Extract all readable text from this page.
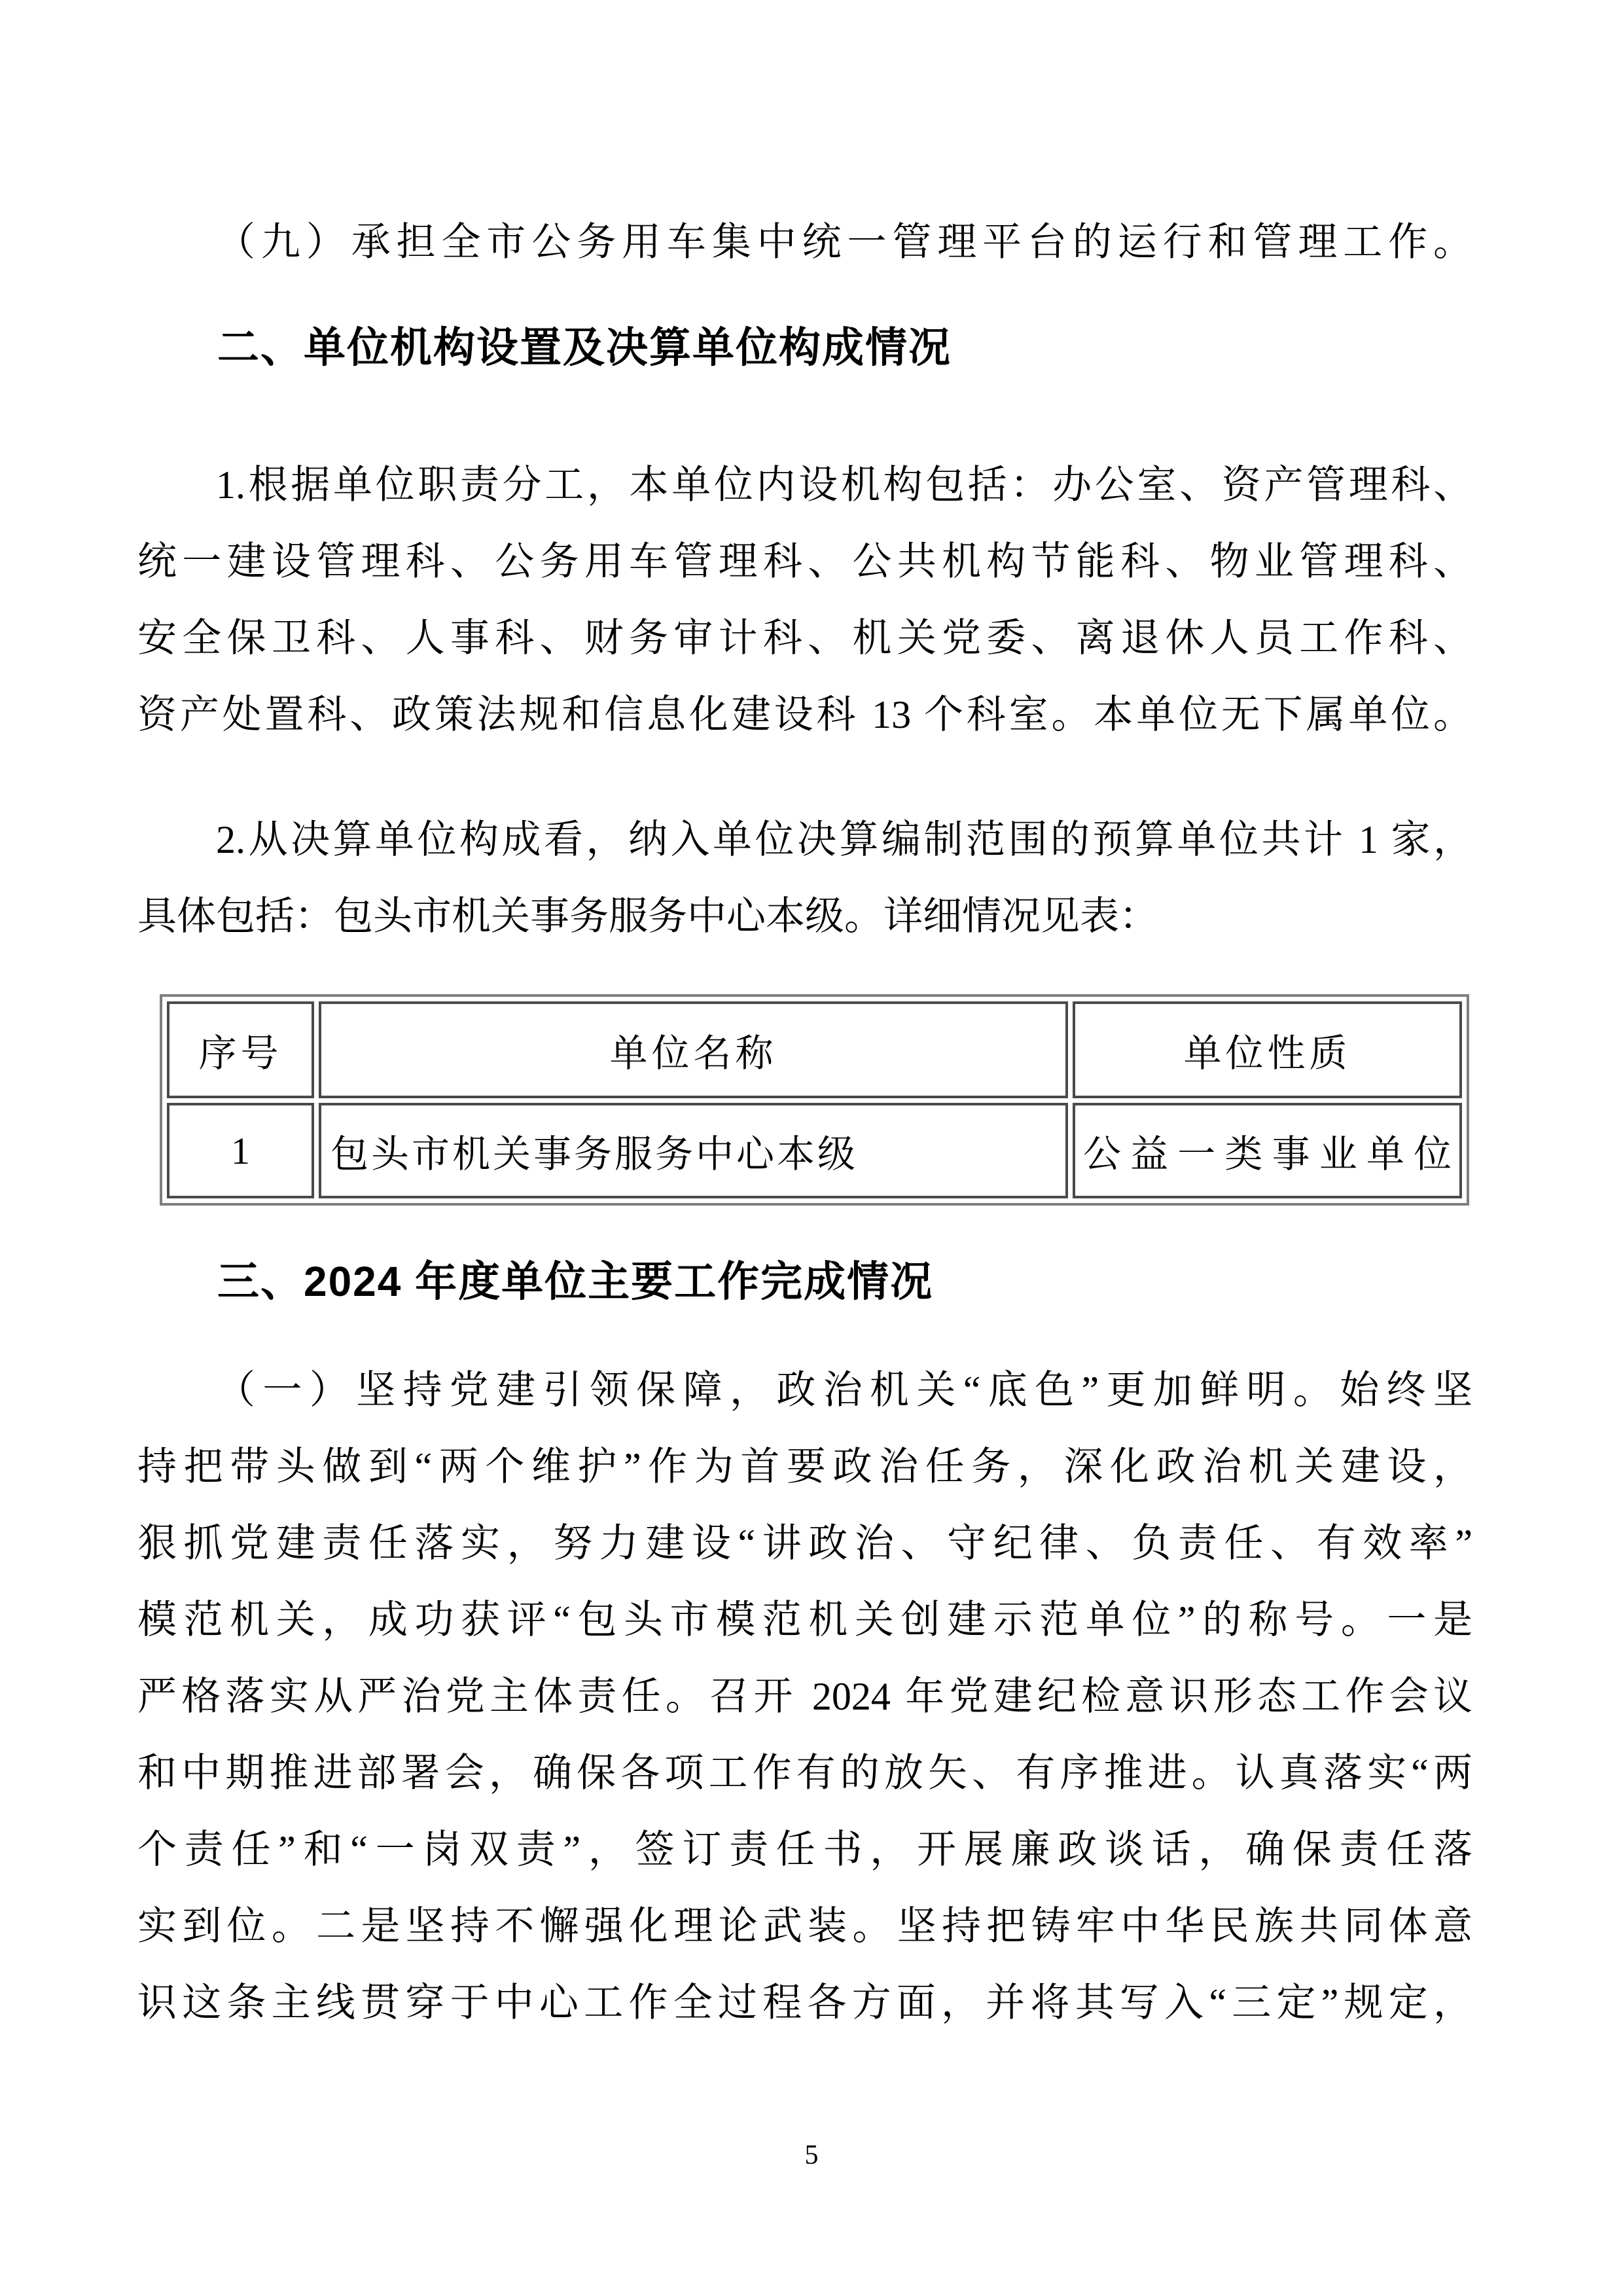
（九）承担全市公务用车集中统一管理平台的运行和管理工作。
二、单位机构设置及决算单位构成情况
1.根据单位职责分工，本单位内设机构包括：办公室、资产管理科、
统一建设管理科、公务用车管理科、公共机构节能科、物业管理科、
安全保卫科、人事科、财务审计科、机关党委、离退休人员工作科、
资产处置科、政策法规和信息化建设科 13 个科室。本单位无下属单位。
2.从决算单位构成看，纳入单位决算编制范围的预算单位共计 1 家，
具体包括：包头市机关事务服务中心本级。详细情况见表：
序号	单位名称	单位性质
1	包头市机关事务服务中心本级	公益一类事业单位
三、2024 年度单位主要工作完成情况
（一）坚持党建引领保障，政治机关“底色”更加鲜明。始终坚
持把带头做到“两个维护”作为首要政治任务，深化政治机关建设，
狠抓党建责任落实，努力建设“讲政治、守纪律、负责任、有效率”
模范机关，成功获评“包头市模范机关创建示范单位”的称号。一是
严格落实从严治党主体责任。召开 2024 年党建纪检意识形态工作会议
和中期推进部署会，确保各项工作有的放矢、有序推进。认真落实“两
个责任”和“一岗双责”，签订责任书，开展廉政谈话，确保责任落
实到位。二是坚持不懈强化理论武装。坚持把铸牢中华民族共同体意
识这条主线贯穿于中心工作全过程各方面，并将其写入“三定”规定，
5
